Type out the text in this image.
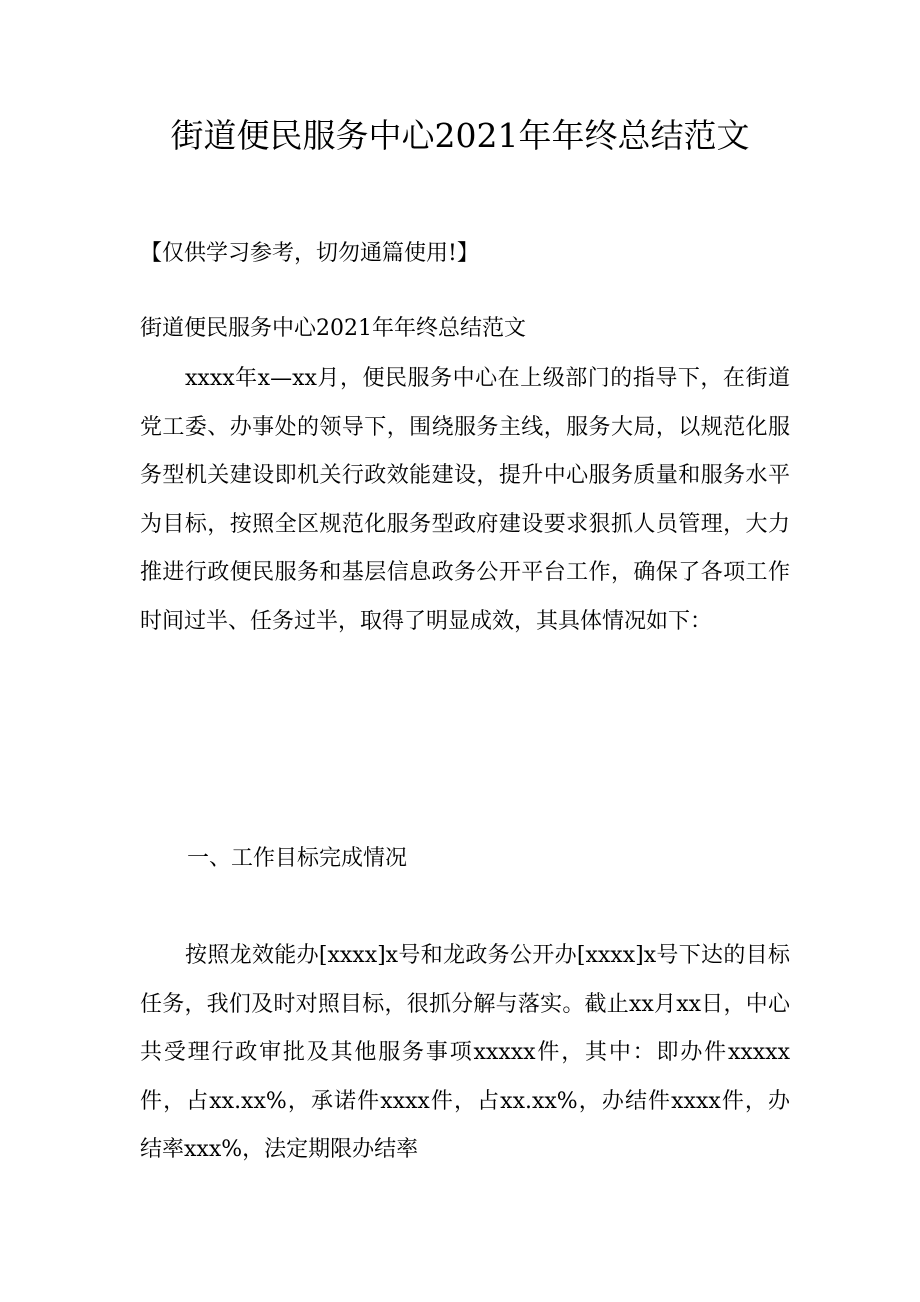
街道便民服务中心2021年年终总结范文

【仅供学习参考，切勿通篇使用!】

街道便民服务中心2021年年终总结范文

xxxx年x—xx月，便民服务中心在上级部门的指导下，在街道党工委、办事处的领导下，围绕服务主线，服务大局，以规范化服务型机关建设即机关行政效能建设，提升中心服务质量和服务水平为目标，按照全区规范化服务型政府建设要求狠抓人员管理，大力推进行政便民服务和基层信息政务公开平台工作，确保了各项工作时间过半、任务过半，取得了明显成效，其具体情况如下：

一、工作目标完成情况

按照龙效能办[xxxx]x号和龙政务公开办[xxxx]x号下达的目标任务，我们及时对照目标，很抓分解与落实。截止xx月xx日，中心共受理行政审批及其他服务事项xxxxx件，其中：即办件xxxxx件，占xx.xx%，承诺件xxxx件，占xx.xx%，办结件xxxx件，办结率xxx%，法定期限办结率
